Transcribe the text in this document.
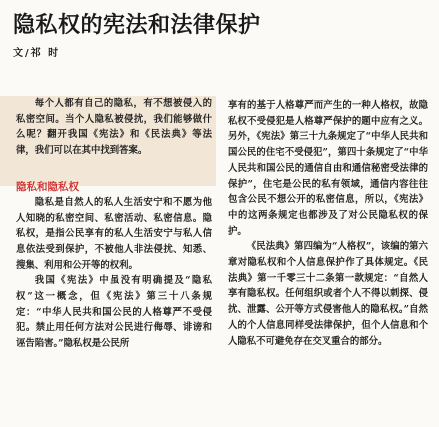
隐私权的宪法和法律保护
文/祁 时

每个人都有自己的隐私，有不想被侵入的私密空间。当个人隐私被侵扰，我们能够做什么呢？翻开我国《宪法》和《民法典》等法律，我们可以在其中找到答案。

隐私和隐私权

隐私是自然人的私人生活安宁和不愿为他人知晓的私密空间、私密活动、私密信息。隐私权，是指公民享有的私人生活安宁与私人信息依法受到保护，不被他人非法侵扰、知悉、搜集、利用和公开等的权利。

我国《宪法》中虽没有明确提及“隐私权”这一概念，但《宪法》第三十八条规定：“中华人民共和国公民的人格尊严不受侵犯。禁止用任何方法对公民进行侮辱、诽谤和诬告陷害。”隐私权是公民所

享有的基于人格尊严而产生的一种人格权，故隐私权不受侵犯是人格尊严保护的题中应有之义。另外，《宪法》第三十九条规定了“中华人民共和国公民的住宅不受侵犯”，第四十条规定了“中华人民共和国公民的通信自由和通信秘密受法律的保护”，住宅是公民的私有领域，通信内容往往包含公民不想公开的私密信息，所以，《宪法》中的这两条规定也都涉及了对公民隐私权的保护。

《民法典》第四编为“人格权”，该编的第六章对隐私权和个人信息保护作了具体规定。《民法典》第一千零三十二条第一款规定：“自然人享有隐私权。任何组织或者个人不得以刺探、侵扰、泄露、公开等方式侵害他人的隐私权。”自然人的个人信息同样受法律保护，但个人信息和个人隐私不可避免存在交叉重合的部分。
